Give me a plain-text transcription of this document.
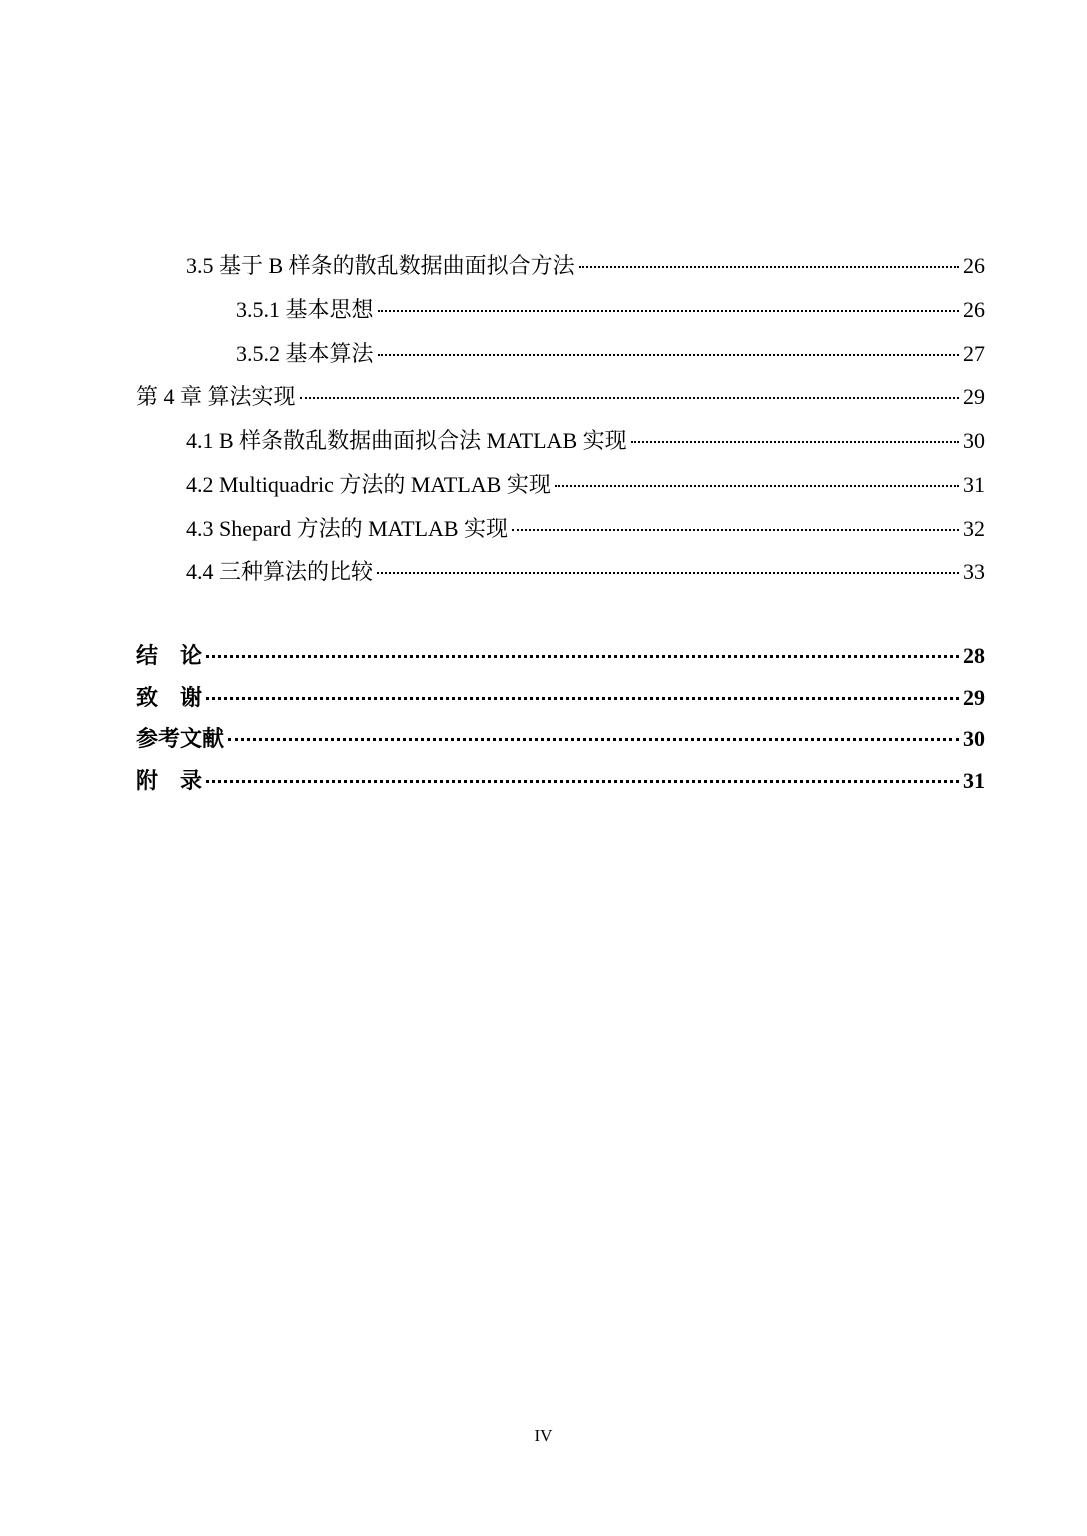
3.5 基于 B 样条的散乱数据曲面拟合方法	26
3.5.1 基本思想	26
3.5.2 基本算法	27
第 4 章 算法实现	29
4.1 B 样条散乱数据曲面拟合法 MATLAB 实现	30
4.2 Multiquadric 方法的 MATLAB 实现	31
4.3 Shepard 方法的 MATLAB 实现	32
4.4 三种算法的比较	33
结　论	28
致　谢	29
参考文献	30
附　录	31
IV
